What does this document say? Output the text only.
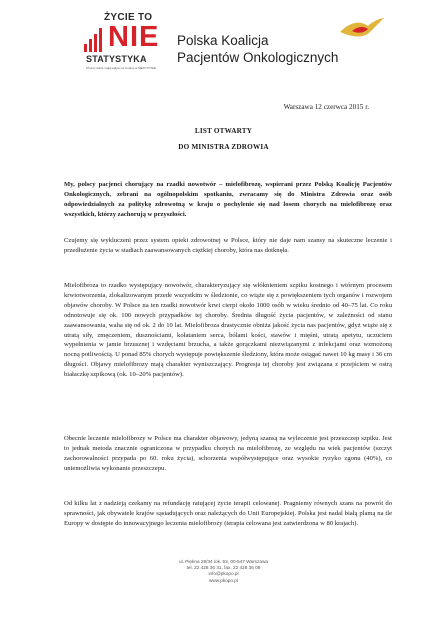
ŻYCIE TO
NIE
STATYSTYKA
Chorzy także mają wpływ na zmiany w MEDYCYNIE
Polska Koalicja
Pacjentów Onkologicznych
Warszawa 12 czerwca 2015 r.
LIST OTWARTY
DO MINISTRA ZDROWIA

My, polscy pacjenci chorujący na rzadki nowotwór – mielofibrozę, wspierani przez Polską Koalicję Pacjentów Onkologicznych, zebrani na ogólnopolskim spotkaniu, zwracamy się do Ministra Zdrowia oraz osób odpowiedzialnych za politykę zdrowotną w kraju o pochylenie się nad losem chorych na mielofibrozę oraz wszystkich, którzy zachorują w przyszłości.

Czujemy się wykluczeni przez system opieki zdrowotnej w Polsce, który nie daje nam szansy na skuteczne leczenie i przedłużenie życia w stadiach zaawansowanych ciężkiej choroby, która nas dotknęła.

Mielofibroza to rzadko występujący nowotwór, charakteryzujący się włóknieniem szpiku kostnego i wtórnym procesem krwiotworzenia, zlokalizowanym przede wszystkim w śledzionie, co wiąże się z powiększeniem tych organów i rozwojem objawów choroby. W Polsce na ten rzadki nowotwór krwi cierpi około 1000 osób w wieku średnio od 40–75 lat. Co roku odnotowuje się ok. 100 nowych przypadków tej choroby. Średnia długość życia pacjentów, w zależności od stanu zaawansowania, waha się od ok. 2 do 10 lat. Mielofibroza drastycznie obniża jakość życia nas pacjentów, gdyż wiąże się z utratą siły, zmęczeniem, dusznościami, kołataniem serca, bólami kości, stawów i mięśni, utratą apetytu, uczuciem wypełnienia w jamie brzusznej i wzdęciami brzucha, a także gorączkami niezwiązanymi z infekcjami oraz wzmożoną nocną potliwością. U ponad 85% chorych występuje powiększenie śledziony, która może osiągać nawet 10 kg masy i 36 cm długości. Objawy mielofibrozy mają charakter wyniszczający. Progresja tej choroby jest związana z przejściem w ostrą białaczkę szpikową (ok. 10–20% pacjentów).

Obecnie leczenie mielofibrozy w Polsce ma charakter objawowy, jedyną szansą na wyleczenie jest przeszczep szpiku. Jest to jednak metoda znacznie ograniczona w przypadku chorych na mielofibrozę, ze względu na wiek pacjentów (szczyt zachorowalności przypada po 60. roku życia), schorzenia współwystępujące oraz wysokie ryzyko zgonu (40%), co uniemożliwia wykonanie przeszczepu.

Od kilku lat z nadzieją czekamy na refundację ratującej życie terapii celowanej. Pragniemy równych szans na powrót do sprawności, jak obywatele krajów sąsiadujących oraz należących do Unii Europejskiej. Polska jest nadal białą plamą na tle Europy w dostępie do innowacyjnego leczenia mielofibrozy (terapia celowana jest zatwierdzona w 80 krajach).

ul. Piękna 28/34 lok. 53, 00-547 Warszawa
tel. 22 428 36 31, fax. 22 428 36 08
info@pkopo.pl
www.pkopo.pl
